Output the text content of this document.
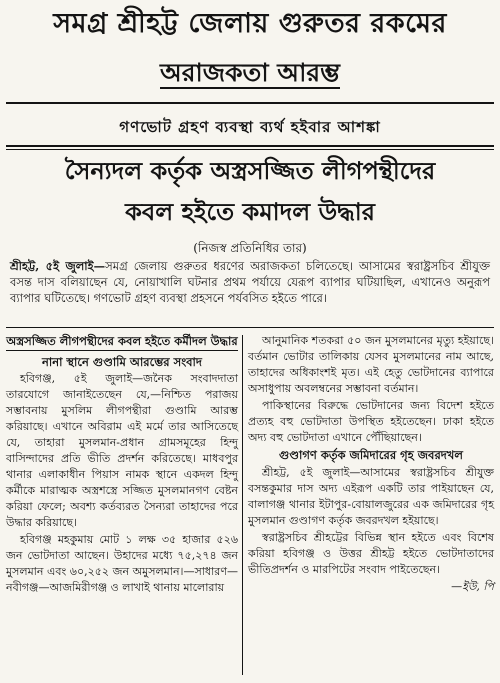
সমগ্র শ্রীহট্ট জেলায় গুরুতর রকমের
অরাজকতা আরম্ভ
গণভোট গ্রহণ ব্যবস্থা ব্যর্থ হইবার আশঙ্কা
সৈন্যদল কর্তৃক অস্ত্রসজ্জিত লীগপন্থীদের
কবল হইতে কমাদল উদ্ধার
(নিজস্ব প্রতিনিধির তার)

শ্রীহট্ট, ৫ই জুলাই—সমগ্র জেলায় গুরুতর ধরণের অরাজকতা চলিতেছে। আসামের স্বরাষ্ট্রসচিব শ্রীযুক্ত বসন্ত দাস বলিয়াছেন যে, নোয়াখালি ঘটনার প্রথম পর্যায়ে যেরূপ ব্যাপার ঘটিয়াছিল, এখানেও অনুরূপ ব্যাপার ঘটিতেছে। গণভোট গ্রহণ ব্যবস্থা প্রহসনে পর্যবসিত হইতে পারে।

অস্ত্রসজ্জিত লীগপন্থীদের কবল হইতে কর্মীদল উদ্ধার

নানা স্থানে গুণ্ডামি আরম্ভের সংবাদ

হবিগঞ্জ, ৫ই জুলাই—জনৈক সংবাদদাতা তারযোগে জানাইতেছেন যে,—নিশ্চিত পরাজয় সম্ভাবনায় মুসলিম লীগপন্থীরা গুণ্ডামি আরম্ভ করিয়াছে। এখানে অবিরাম এই মর্মে তার আসিতেছে যে, তাহারা মুসলমান-প্রধান গ্রামসমূহের হিন্দু বাসিন্দাদের প্রতি ভীতি প্রদর্শন করিতেছে। মাধবপুর থানার এলাকাধীন পিয়াস নামক স্থানে একদল হিন্দু কর্মীকে মারাত্মক অস্ত্রশস্ত্রে সজ্জিত মুসলমানগণ বেষ্টন করিয়া ফেলে; অবশ্য কর্তব্যরত সৈন্যরা তাহাদের পরে উদ্ধার করিয়াছে।

হবিগঞ্জ মহকুমায় মোট ১ লক্ষ ৩৫ হাজার ৫২৬ জন ভোটদাতা আছেন। উহাদের মধ্যে ৭৫,২৭৪ জন মুসলমান এবং ৬০,২৫২ জন অমুসলমান।—সাধারণ—নবীগঞ্জ—আজমিরীগঞ্জ ও লাখাই থানায় মালোরায়

আনুমানিক শতকরা ৫০ জন মুসলমানের মৃত্যু হইয়াছে। বর্তমান ভোটার তালিকায় যেসব মুসলমানের নাম আছে, তাহাদের অধিকাংশই মৃত। এই হেতু ভোটদানের ব্যাপারে অসাধুপায় অবলম্বনের সম্ভাবনা বর্তমান।

পাকিস্থানের বিরুদ্ধে ভোটদানের জন্য বিদেশ হইতে প্রত্যহ বহু ভোটদাতা উপস্থিত হইতেছেন। ঢাকা হইতে অদ্য বহু ভোটদাতা এখানে পৌঁছিয়াছেন।

গুণ্ডাগণ কর্তৃক জমিদারের গৃহ জবরদখল

শ্রীহট্ট, ৫ই জুলাই—আসামের স্বরাষ্ট্রসচিব শ্রীযুক্ত বসন্তকুমার দাস অদ্য এইরূপ একটি তার পাইয়াছেন যে, বালাগঞ্জ থানার ইটাপুর-বোয়ালজুরের এক জমিদারের গৃহ মুসলমান গুণ্ডাগণ কর্তৃক জবরদখল হইয়াছে।

স্বরাষ্ট্রসচিব শ্রীহট্টের বিভিন্ন স্থান হইতে এবং বিশেষ করিয়া হবিগঞ্জ ও উত্তর শ্রীহট্ট হইতে ভোটদাতাদের ভীতিপ্রদর্শন ও মারপিটের সংবাদ পাইতেছেন।

—ইউ, পি
